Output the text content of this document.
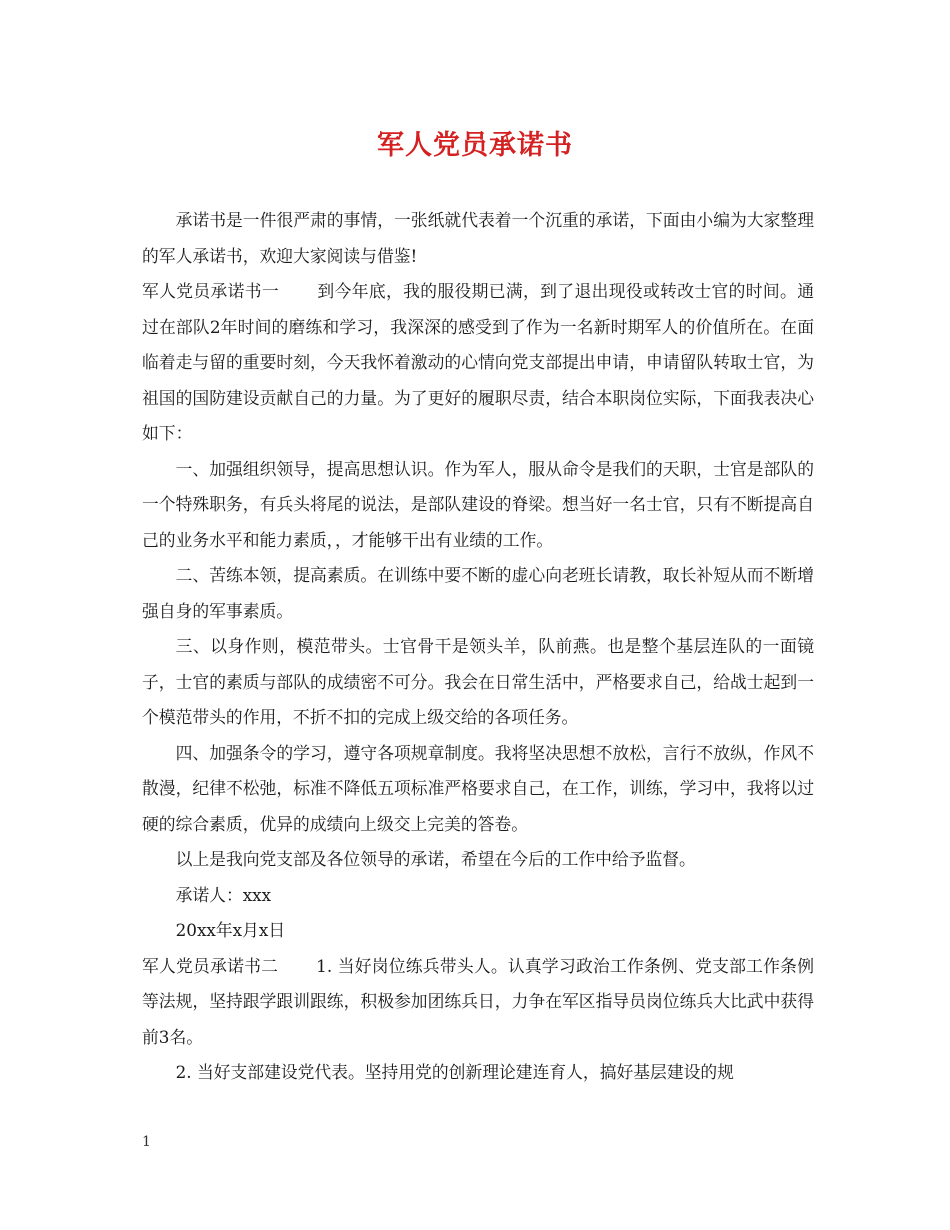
军人党员承诺书

承诺书是一件很严肃的事情，一张纸就代表着一个沉重的承诺，下面由小编为大家整理的军人承诺书，欢迎大家阅读与借鉴!

军人党员承诺书一 到今年底，我的服役期已满，到了退出现役或转改士官的时间。通过在部队2年时间的磨练和学习，我深深的感受到了作为一名新时期军人的价值所在。在面临着走与留的重要时刻，今天我怀着激动的心情向党支部提出申请，申请留队转取士官，为祖国的国防建设贡献自己的力量。为了更好的履职尽责，结合本职岗位实际，下面我表决心如下：

一、加强组织领导，提高思想认识。作为军人，服从命令是我们的天职，士官是部队的一个特殊职务，有兵头将尾的说法，是部队建设的脊梁。想当好一名士官，只有不断提高自己的业务水平和能力素质，，才能够干出有业绩的工作。

二、苦练本领，提高素质。在训练中要不断的虚心向老班长请教，取长补短从而不断增强自身的军事素质。

三、以身作则，模范带头。士官骨干是领头羊，队前燕。也是整个基层连队的一面镜子，士官的素质与部队的成绩密不可分。我会在日常生活中，严格要求自己，给战士起到一个模范带头的作用，不折不扣的完成上级交给的各项任务。

四、加强条令的学习，遵守各项规章制度。我将坚决思想不放松，言行不放纵，作风不散漫，纪律不松弛，标准不降低五项标准严格要求自己，在工作，训练，学习中，我将以过硬的综合素质，优异的成绩向上级交上完美的答卷。

以上是我向党支部及各位领导的承诺，希望在今后的工作中给予监督。

承诺人：xxx

20xx年x月x日

军人党员承诺书二 1. 当好岗位练兵带头人。认真学习政治工作条例、党支部工作条例等法规，坚持跟学跟训跟练，积极参加团练兵日，力争在军区指导员岗位练兵大比武中获得前3名。

2. 当好支部建设党代表。坚持用党的创新理论建连育人，搞好基层建设的规

1
